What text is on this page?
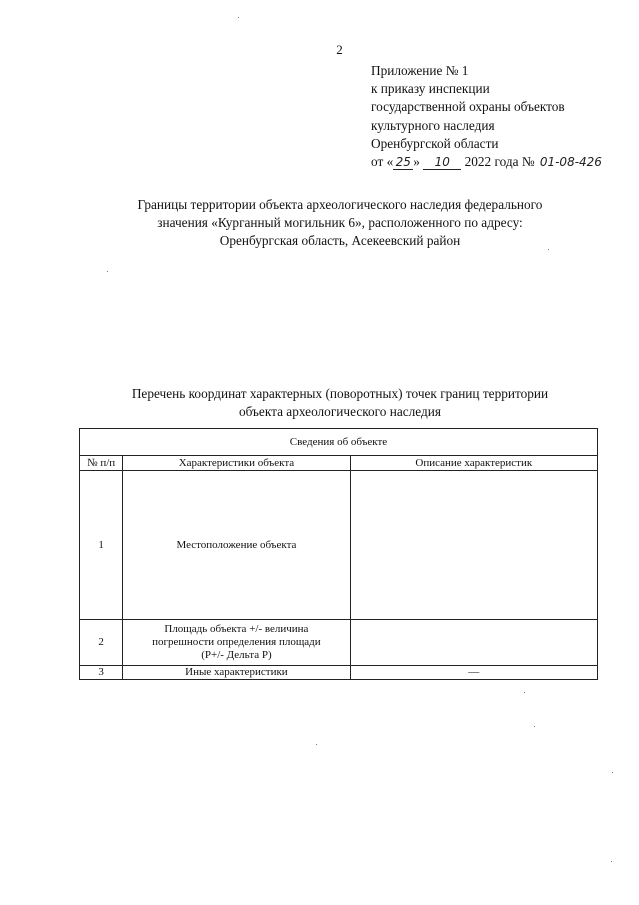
2
Приложение № 1
к приказу инспекции
государственной охраны объектов
культурного наследия
Оренбургской области
от « 25 » 10 2022 года № 01-08-426
Границы территории объекта археологического наследия федерального
значения «Курганный могильник 6», расположенного по адресу:
Оренбургская область, Асекеевский район
Перечень координат характерных (поворотных) точек границ территории
объекта археологического наследия
Сведения об объекте		
№ п/п	Характеристики объекта	Описание характеристик
1	Местоположение объекта	
2	Площадь объекта +/- величина погрешности определения площади (Р+/- Дельта Р)	
3	Иные характеристики	—
